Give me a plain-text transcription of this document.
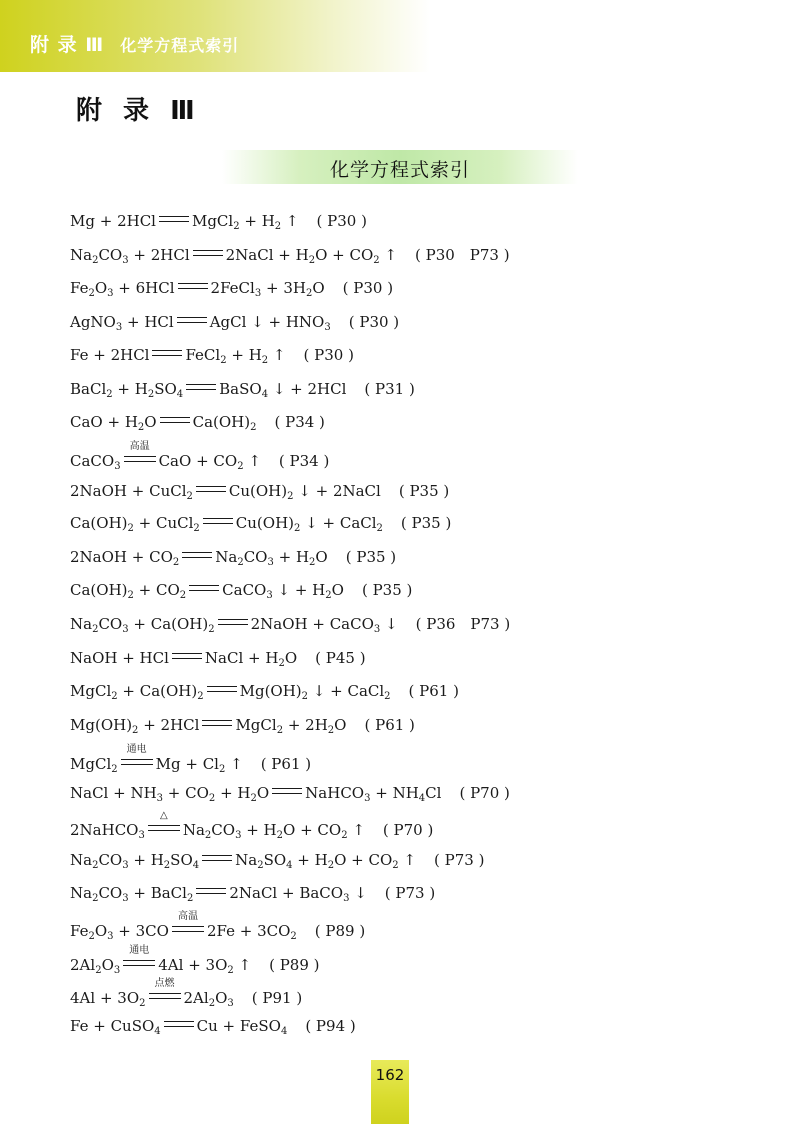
附 录 Ⅲ 化学方程式索引
附 录 Ⅲ
化学方程式索引
Mg + 2HCl MgCl$_2$ + $H_2$ ↑ ( P30 )
$Na_2CO_3 + 2HCl$ 2NaCl + $H_2O + CO_2$ ↑ ( P30　P73 )
$Fe_2O_3 + 6HCl$ 2FeCl$_3$ + $3H_2O$ ( P30 )
AgNO$_3$ + HCl AgCl ↓ + $HNO_3$ ( P30 )
Fe + 2HCl FeCl$_2$ + $H_2$ ↑ ( P30 )
BaCl$_2$ + $H_2SO_4$ BaSO$_4$ ↓ + 2HCl ( P31 )
CaO + $H_2O$ $Ca(OH)_2$ ( P34 )
CaCO$_3$
高温
CaO + $CO_2$ ↑ ( P34 )
2NaOH + CuCl$_2$ $Cu(OH)_2$ ↓ + 2NaCl ( P35 )
$Ca(OH)_2$ + CuCl$_2$ $Cu(OH)_2$ ↓ + CaCl$_2$ ( P35 )
2NaOH + $CO_2$ $Na_2CO_3 + H_2O$ ( P35 )
$Ca(OH)_2 + CO_2$ CaCO$_3$ ↓ + $H_2O$ ( P35 )
$Na_2CO_3 + Ca(OH)_2$ 2NaOH + CaCO$_3$ ↓ ( P36　P73 )
NaOH + HCl NaCl + $H_2O$ ( P45 )
MgCl$_2$ + $Ca(OH)_2$ $Mg(OH)_2$ ↓ + CaCl$_2$ ( P61 )
$Mg(OH)_2 + 2HCl$ MgCl$_2$ + $2H_2O$ ( P61 )
MgCl$_2$
通电
$Mg + Cl_2$ ↑ ( P61 )
NaCl + $NH_3 + CO_2 + H_2O$ NaHCO$_3$ + $NH_4Cl$ ( P70 )
2NaHCO$_3$
△
$Na_2CO_3 + H_2O + CO_2$ ↑ ( P70 )
$Na_2CO_3 + H_2SO_4$ $Na_2SO_4 + H_2O + CO_2$ ↑ ( P73 )
$Na_2CO_3$ + BaCl$_2$ 2NaCl + BaCO$_3$ ↓ ( P73 )
$Fe_2O_3 + 3CO$
高温
$2Fe + 3CO_2$ ( P89 )
$2Al_2O_3$
通电
$4Al + 3O_2$ ↑ ( P89 )
$4Al + 3O_2$
点燃
$2Al_2O_3$ ( P91 )
Fe + CuSO$_4$ Cu + FeSO$_4$ ( P94 )
162
